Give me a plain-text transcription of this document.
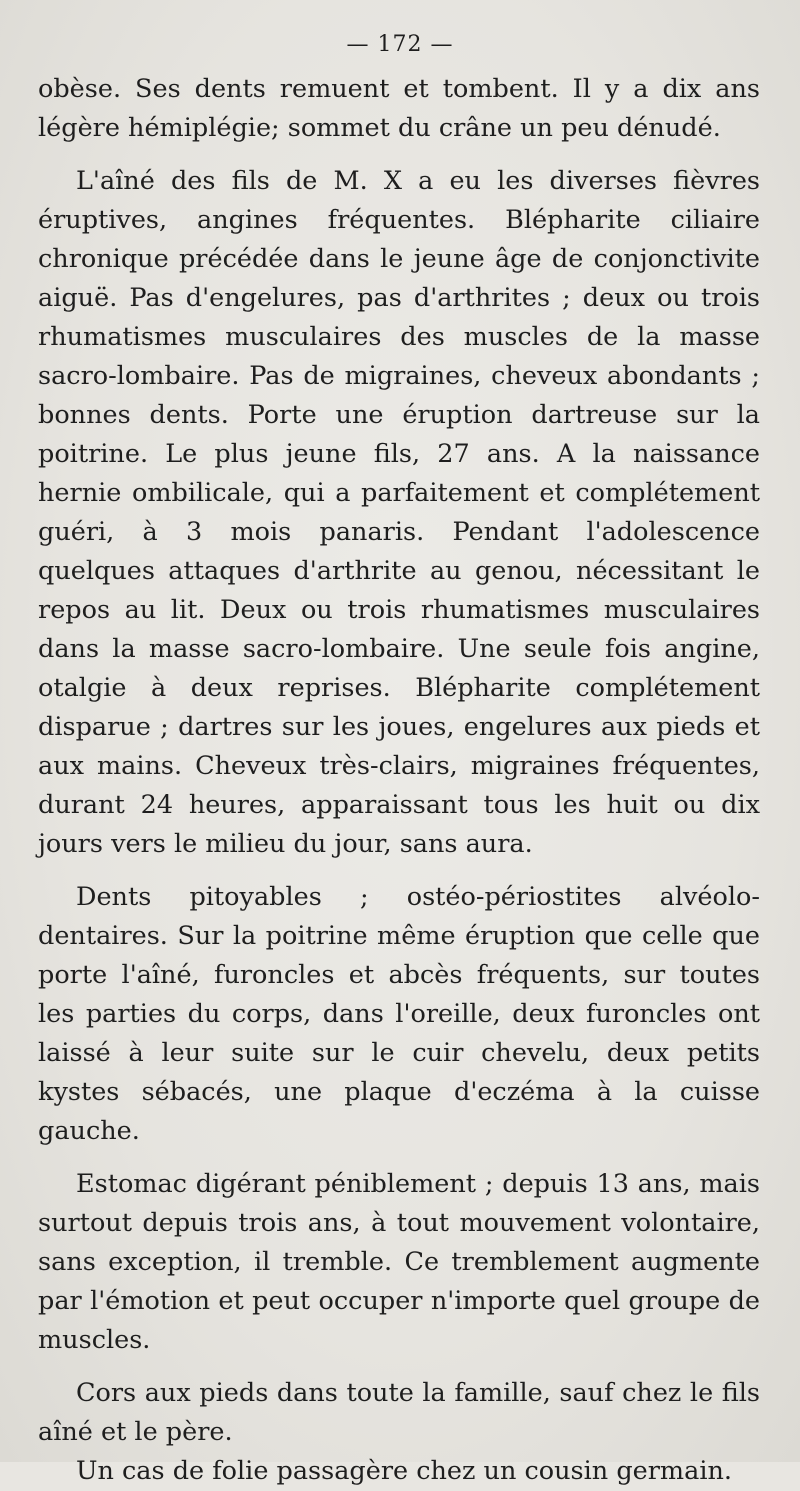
— 172 —

obèse. Ses dents remuent et tombent. Il y a dix ans légère hémiplégie; sommet du crâne un peu dénudé.

L'aîné des fils de M. X a eu les diverses fièvres éruptives, angines fréquentes. Blépharite ciliaire chronique précédée dans le jeune âge de conjonctivite aiguë. Pas d'engelures, pas d'arthrites ; deux ou trois rhumatismes musculaires des muscles de la masse sacro-lombaire. Pas de migraines, cheveux abondants ; bonnes dents. Porte une éruption dartreuse sur la poitrine. Le plus jeune fils, 27 ans. A la naissance hernie ombilicale, qui a parfaitement et complétement guéri, à 3 mois panaris. Pendant l'adolescence quelques attaques d'arthrite au genou, nécessitant le repos au lit. Deux ou trois rhumatismes musculaires dans la masse sacro-lombaire. Une seule fois angine, otalgie à deux reprises. Blépharite complétement disparue ; dartres sur les joues, engelures aux pieds et aux mains. Cheveux très-clairs, migraines fréquentes, durant 24 heures, apparaissant tous les huit ou dix jours vers le milieu du jour, sans aura.

Dents pitoyables ; ostéo-périostites alvéolo-dentaires. Sur la poitrine même éruption que celle que porte l'aîné, furoncles et abcès fréquents, sur toutes les parties du corps, dans l'oreille, deux furoncles ont laissé à leur suite sur le cuir chevelu, deux petits kystes sébacés, une plaque d'eczéma à la cuisse gauche.

Estomac digérant péniblement ; depuis 13 ans, mais surtout depuis trois ans, à tout mouvement volontaire, sans exception, il tremble. Ce tremblement augmente par l'émotion et peut occuper n'importe quel groupe de muscles.

Cors aux pieds dans toute la famille, sauf chez le fils aîné et le père.

Un cas de folie passagère chez un cousin germain.
